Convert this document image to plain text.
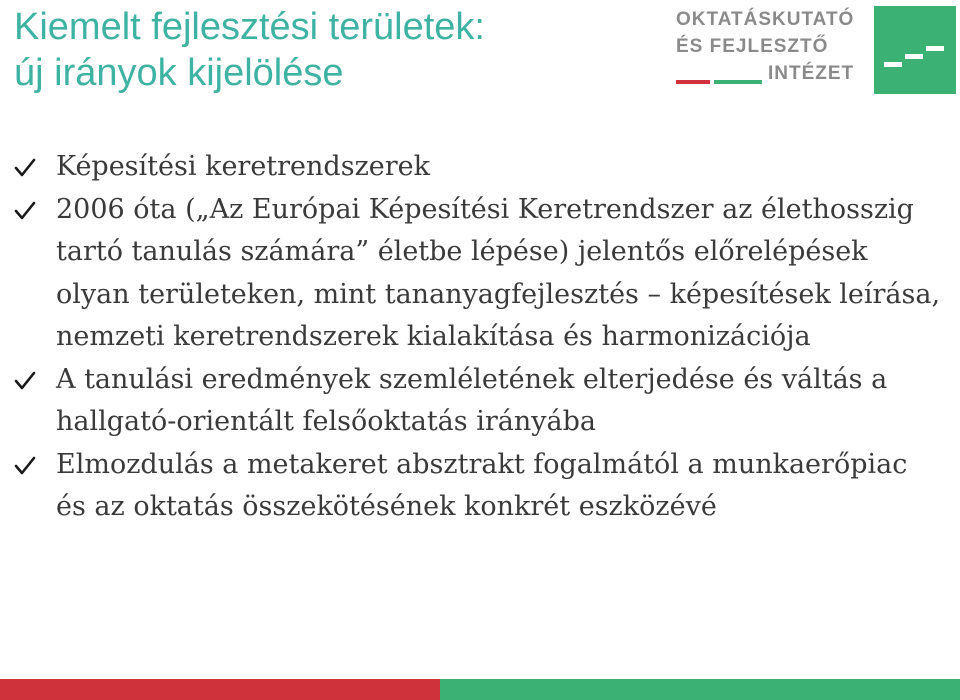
Kiemelt fejlesztési területek:
új irányok kijelölése
OKTATÁSKUTATÓ
ÉS FEJLESZTŐ
INTÉZET
Képesítési keretrendszerek
2006 óta („Az Európai Képesítési Keretrendszer az élethosszig tartó tanulás számára” életbe lépése) jelentős előrelépések olyan területeken, mint tananyagfejlesztés – képesítések leírása, nemzeti keretrendszerek kialakítása és harmonizációja
A tanulási eredmények szemléletének elterjedése és váltás a hallgató-orientált felsőoktatás irányába
Elmozdulás a metakeret absztrakt fogalmától a munkaerőpiac és az oktatás összekötésének konkrét eszközévé
